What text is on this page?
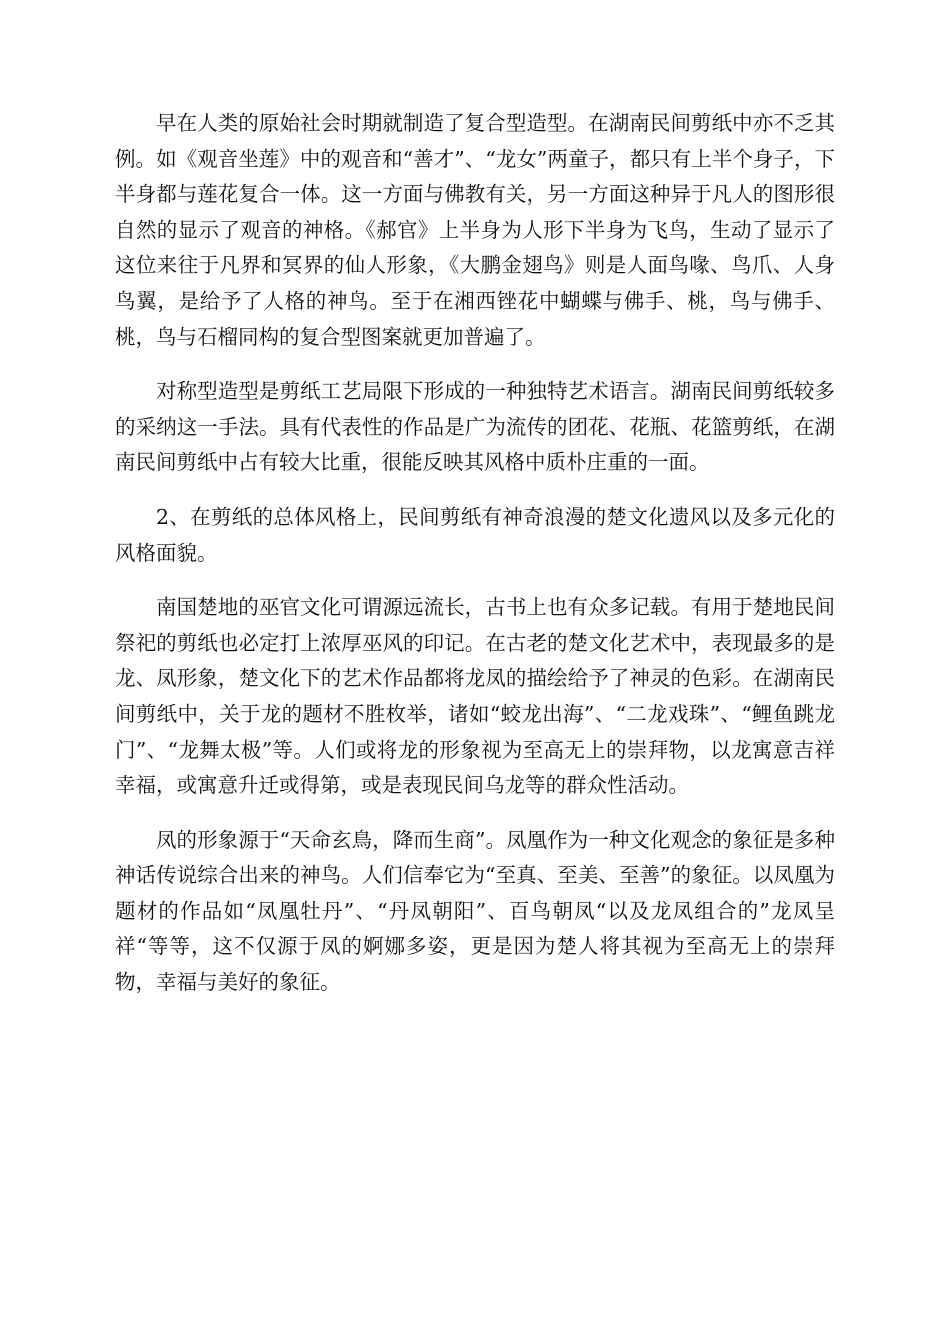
早在人类的原始社会时期就制造了复合型造型。在湖南民间剪纸中亦不乏其例。如《观音坐莲》中的观音和“善才”、“龙女”两童子，都只有上半个身子，下半身都与莲花复合一体。这一方面与佛教有关，另一方面这种异于凡人的图形很自然的显示了观音的神格。《郝官》上半身为人形下半身为飞鸟，生动了显示了这位来往于凡界和冥界的仙人形象，《大鹏金翅鸟》则是人面鸟喙、鸟爪、人身鸟翼，是给予了人格的神鸟。至于在湘西锉花中蝴蝶与佛手、桃，鸟与佛手、桃，鸟与石榴同构的复合型图案就更加普遍了。

对称型造型是剪纸工艺局限下形成的一种独特艺术语言。湖南民间剪纸较多的采纳这一手法。具有代表性的作品是广为流传的团花、花瓶、花篮剪纸，在湖南民间剪纸中占有较大比重，很能反映其风格中质朴庄重的一面。

2、在剪纸的总体风格上，民间剪纸有神奇浪漫的楚文化遗风以及多元化的风格面貌。

南国楚地的巫官文化可谓源远流长，古书上也有众多记载。有用于楚地民间祭祀的剪纸也必定打上浓厚巫风的印记。在古老的楚文化艺术中，表现最多的是龙、凤形象，楚文化下的艺术作品都将龙凤的描绘给予了神灵的色彩。在湖南民间剪纸中，关于龙的题材不胜枚举，诸如“蛟龙出海”、“二龙戏珠”、“鲤鱼跳龙门”、“龙舞太极”等。人们或将龙的形象视为至高无上的崇拜物，以龙寓意吉祥幸福，或寓意升迁或得第，或是表现民间乌龙等的群众性活动。

凤的形象源于“天命玄鳥，降而生商”。凤凰作为一种文化观念的象征是多种神话传说综合出来的神鸟。人们信奉它为“至真、至美、至善”的象征。以凤凰为题材的作品如“凤凰牡丹”、“丹凤朝阳”、百鸟朝凤“以及龙凤组合的”龙凤呈祥“等等，这不仅源于凤的婀娜多姿，更是因为楚人将其视为至高无上的崇拜物，幸福与美好的象征。
